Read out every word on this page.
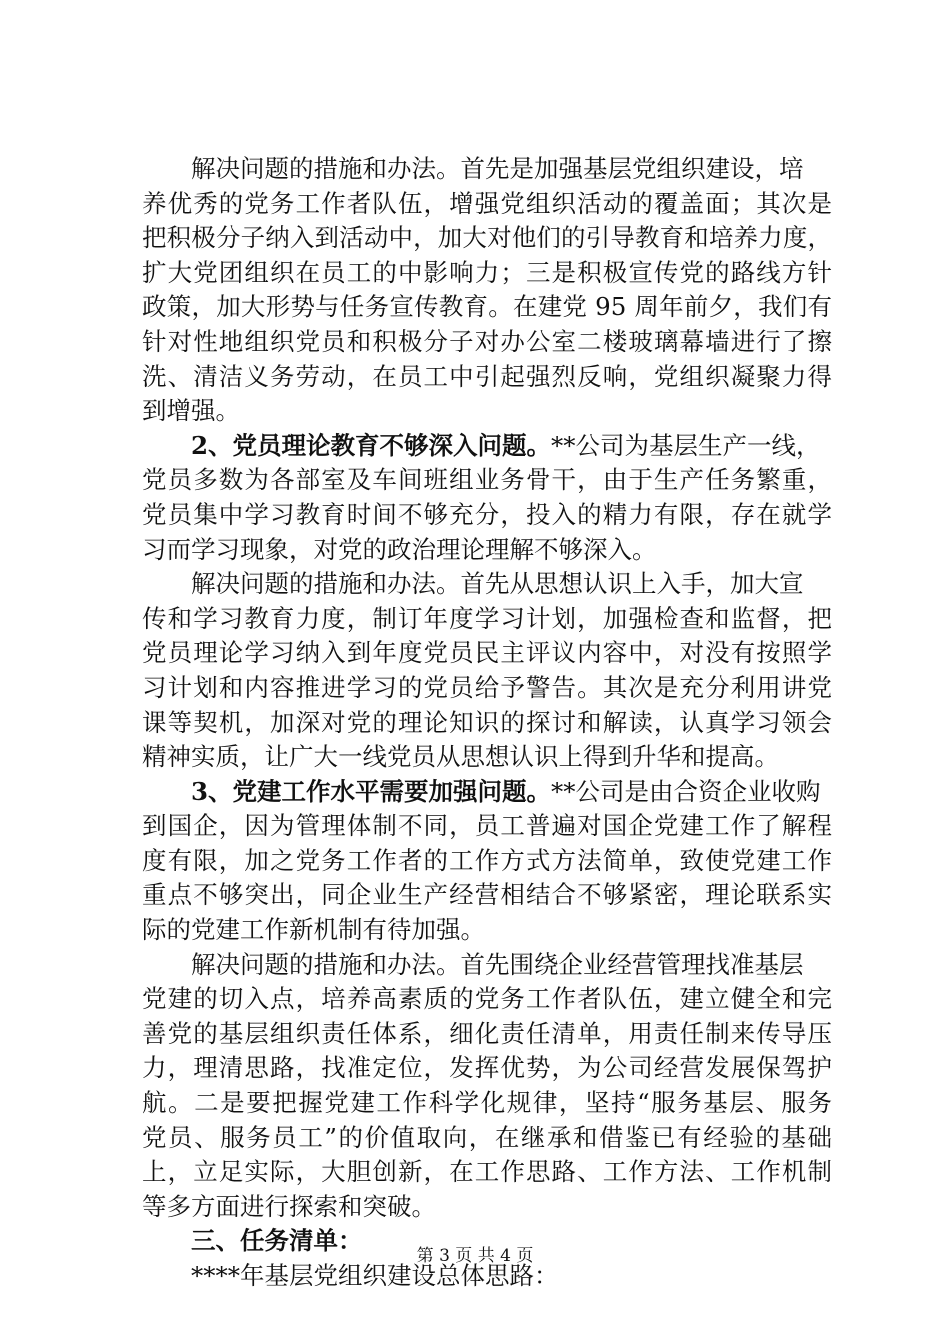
解决问题的措施和办法。首先是加强基层党组织建设，培
养优秀的党务工作者队伍，增强党组织活动的覆盖面；其次是
把积极分子纳入到活动中，加大对他们的引导教育和培养力度，
扩大党团组织在员工的中影响力；三是积极宣传党的路线方针
政策，加大形势与任务宣传教育。在建党 95 周年前夕，我们有
针对性地组织党员和积极分子对办公室二楼玻璃幕墙进行了擦
洗、清洁义务劳动，在员工中引起强烈反响，党组织凝聚力得
到增强。
2、党员理论教育不够深入问题。**公司为基层生产一线，
党员多数为各部室及车间班组业务骨干，由于生产任务繁重，
党员集中学习教育时间不够充分，投入的精力有限，存在就学
习而学习现象，对党的政治理论理解不够深入。
解决问题的措施和办法。首先从思想认识上入手，加大宣
传和学习教育力度，制订年度学习计划，加强检查和监督，把
党员理论学习纳入到年度党员民主评议内容中，对没有按照学
习计划和内容推进学习的党员给予警告。其次是充分利用讲党
课等契机，加深对党的理论知识的探讨和解读，认真学习领会
精神实质，让广大一线党员从思想认识上得到升华和提高。
3、党建工作水平需要加强问题。**公司是由合资企业收购
到国企，因为管理体制不同，员工普遍对国企党建工作了解程
度有限，加之党务工作者的工作方式方法简单，致使党建工作
重点不够突出，同企业生产经营相结合不够紧密，理论联系实
际的党建工作新机制有待加强。
解决问题的措施和办法。首先围绕企业经营管理找准基层
党建的切入点，培养高素质的党务工作者队伍，建立健全和完
善党的基层组织责任体系，细化责任清单，用责任制来传导压
力，理清思路，找准定位，发挥优势，为公司经营发展保驾护
航。二是要把握党建工作科学化规律，坚持“服务基层、服务
党员、服务员工”的价值取向，在继承和借鉴已有经验的基础
上，立足实际，大胆创新，在工作思路、工作方法、工作机制
等多方面进行探索和突破。
三、任务清单：
****年基层党组织建设总体思路：
第 3 页 共 4 页
